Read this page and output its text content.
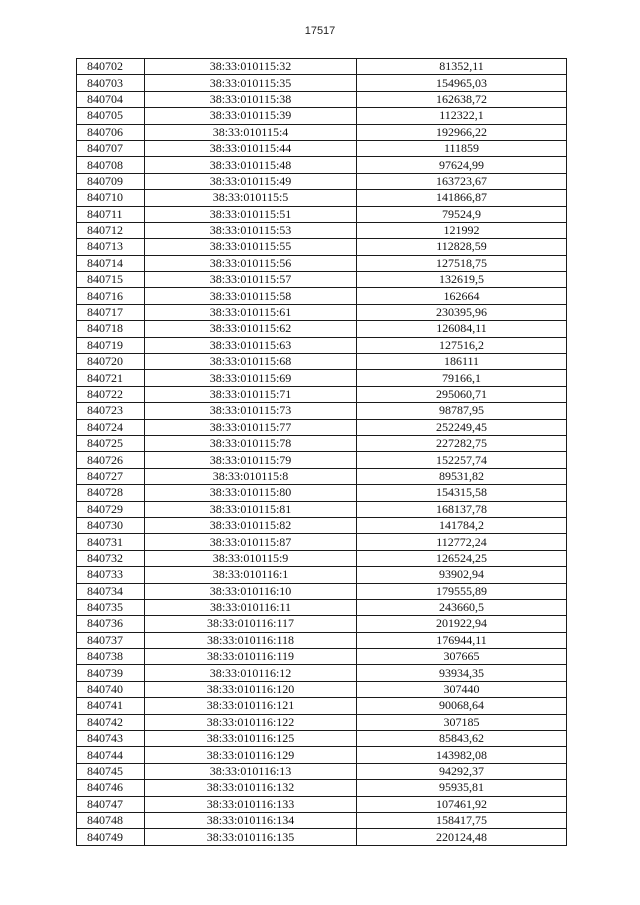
17517
840702	38:33:010115:32	81352,11
840703	38:33:010115:35	154965,03
840704	38:33:010115:38	162638,72
840705	38:33:010115:39	112322,1
840706	38:33:010115:4	192966,22
840707	38:33:010115:44	111859
840708	38:33:010115:48	97624,99
840709	38:33:010115:49	163723,67
840710	38:33:010115:5	141866,87
840711	38:33:010115:51	79524,9
840712	38:33:010115:53	121992
840713	38:33:010115:55	112828,59
840714	38:33:010115:56	127518,75
840715	38:33:010115:57	132619,5
840716	38:33:010115:58	162664
840717	38:33:010115:61	230395,96
840718	38:33:010115:62	126084,11
840719	38:33:010115:63	127516,2
840720	38:33:010115:68	186111
840721	38:33:010115:69	79166,1
840722	38:33:010115:71	295060,71
840723	38:33:010115:73	98787,95
840724	38:33:010115:77	252249,45
840725	38:33:010115:78	227282,75
840726	38:33:010115:79	152257,74
840727	38:33:010115:8	89531,82
840728	38:33:010115:80	154315,58
840729	38:33:010115:81	168137,78
840730	38:33:010115:82	141784,2
840731	38:33:010115:87	112772,24
840732	38:33:010115:9	126524,25
840733	38:33:010116:1	93902,94
840734	38:33:010116:10	179555,89
840735	38:33:010116:11	243660,5
840736	38:33:010116:117	201922,94
840737	38:33:010116:118	176944,11
840738	38:33:010116:119	307665
840739	38:33:010116:12	93934,35
840740	38:33:010116:120	307440
840741	38:33:010116:121	90068,64
840742	38:33:010116:122	307185
840743	38:33:010116:125	85843,62
840744	38:33:010116:129	143982,08
840745	38:33:010116:13	94292,37
840746	38:33:010116:132	95935,81
840747	38:33:010116:133	107461,92
840748	38:33:010116:134	158417,75
840749	38:33:010116:135	220124,48
